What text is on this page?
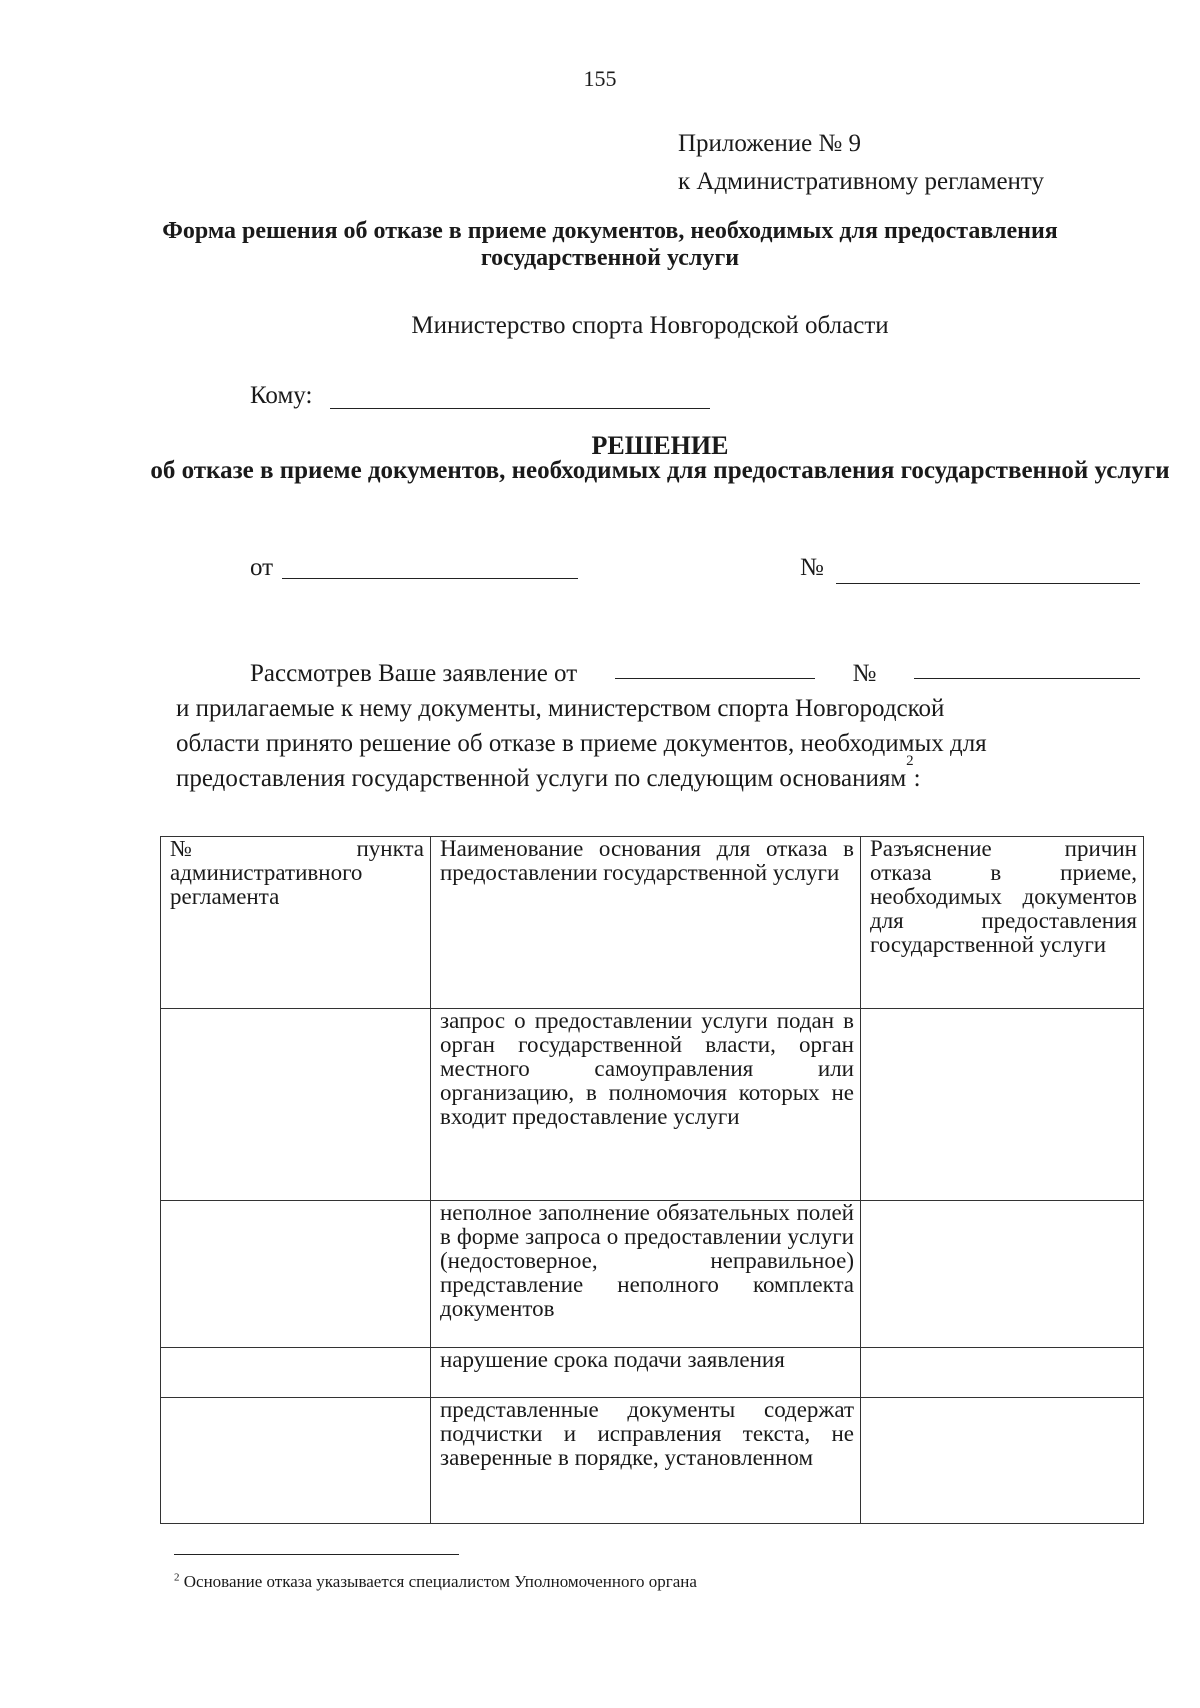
155
Приложение № 9
к Административному регламенту
Форма решения об отказе в приеме документов, необходимых для предоставления государственной услуги
Министерство спорта Новгородской области
Кому:
РЕШЕНИЕ
об отказе в приеме документов, необходимых для предоставления государственной услуги
от	№
Рассмотрев Ваше заявление от	№
и прилагаемые к нему документы, министерством спорта Новгородской
области принято решение об отказе в приеме документов, необходимых для
предоставления государственной услуги по следующим основаниям
2
:
№ пункта административного регламента	Наименование основания для отказа в предоставлении государственной услуги	Разъяснение причин отказа в приеме, необходимых документов для предоставления государственной услуги
	запрос о предоставлении услуги подан в орган государственной власти, орган местного самоуправления или организацию, в полномочия которых не входит предоставление услуги	
	неполное заполнение обязательных полей в форме запроса о предоставлении услуги (недостоверное, неправильное) представление неполного комплекта документов	
	нарушение срока подачи заявления	
	представленные документы содержат подчистки и исправления текста, не заверенные в порядке, установленном	
$^2$ Основание отказа указывается специалистом Уполномоченного органа
